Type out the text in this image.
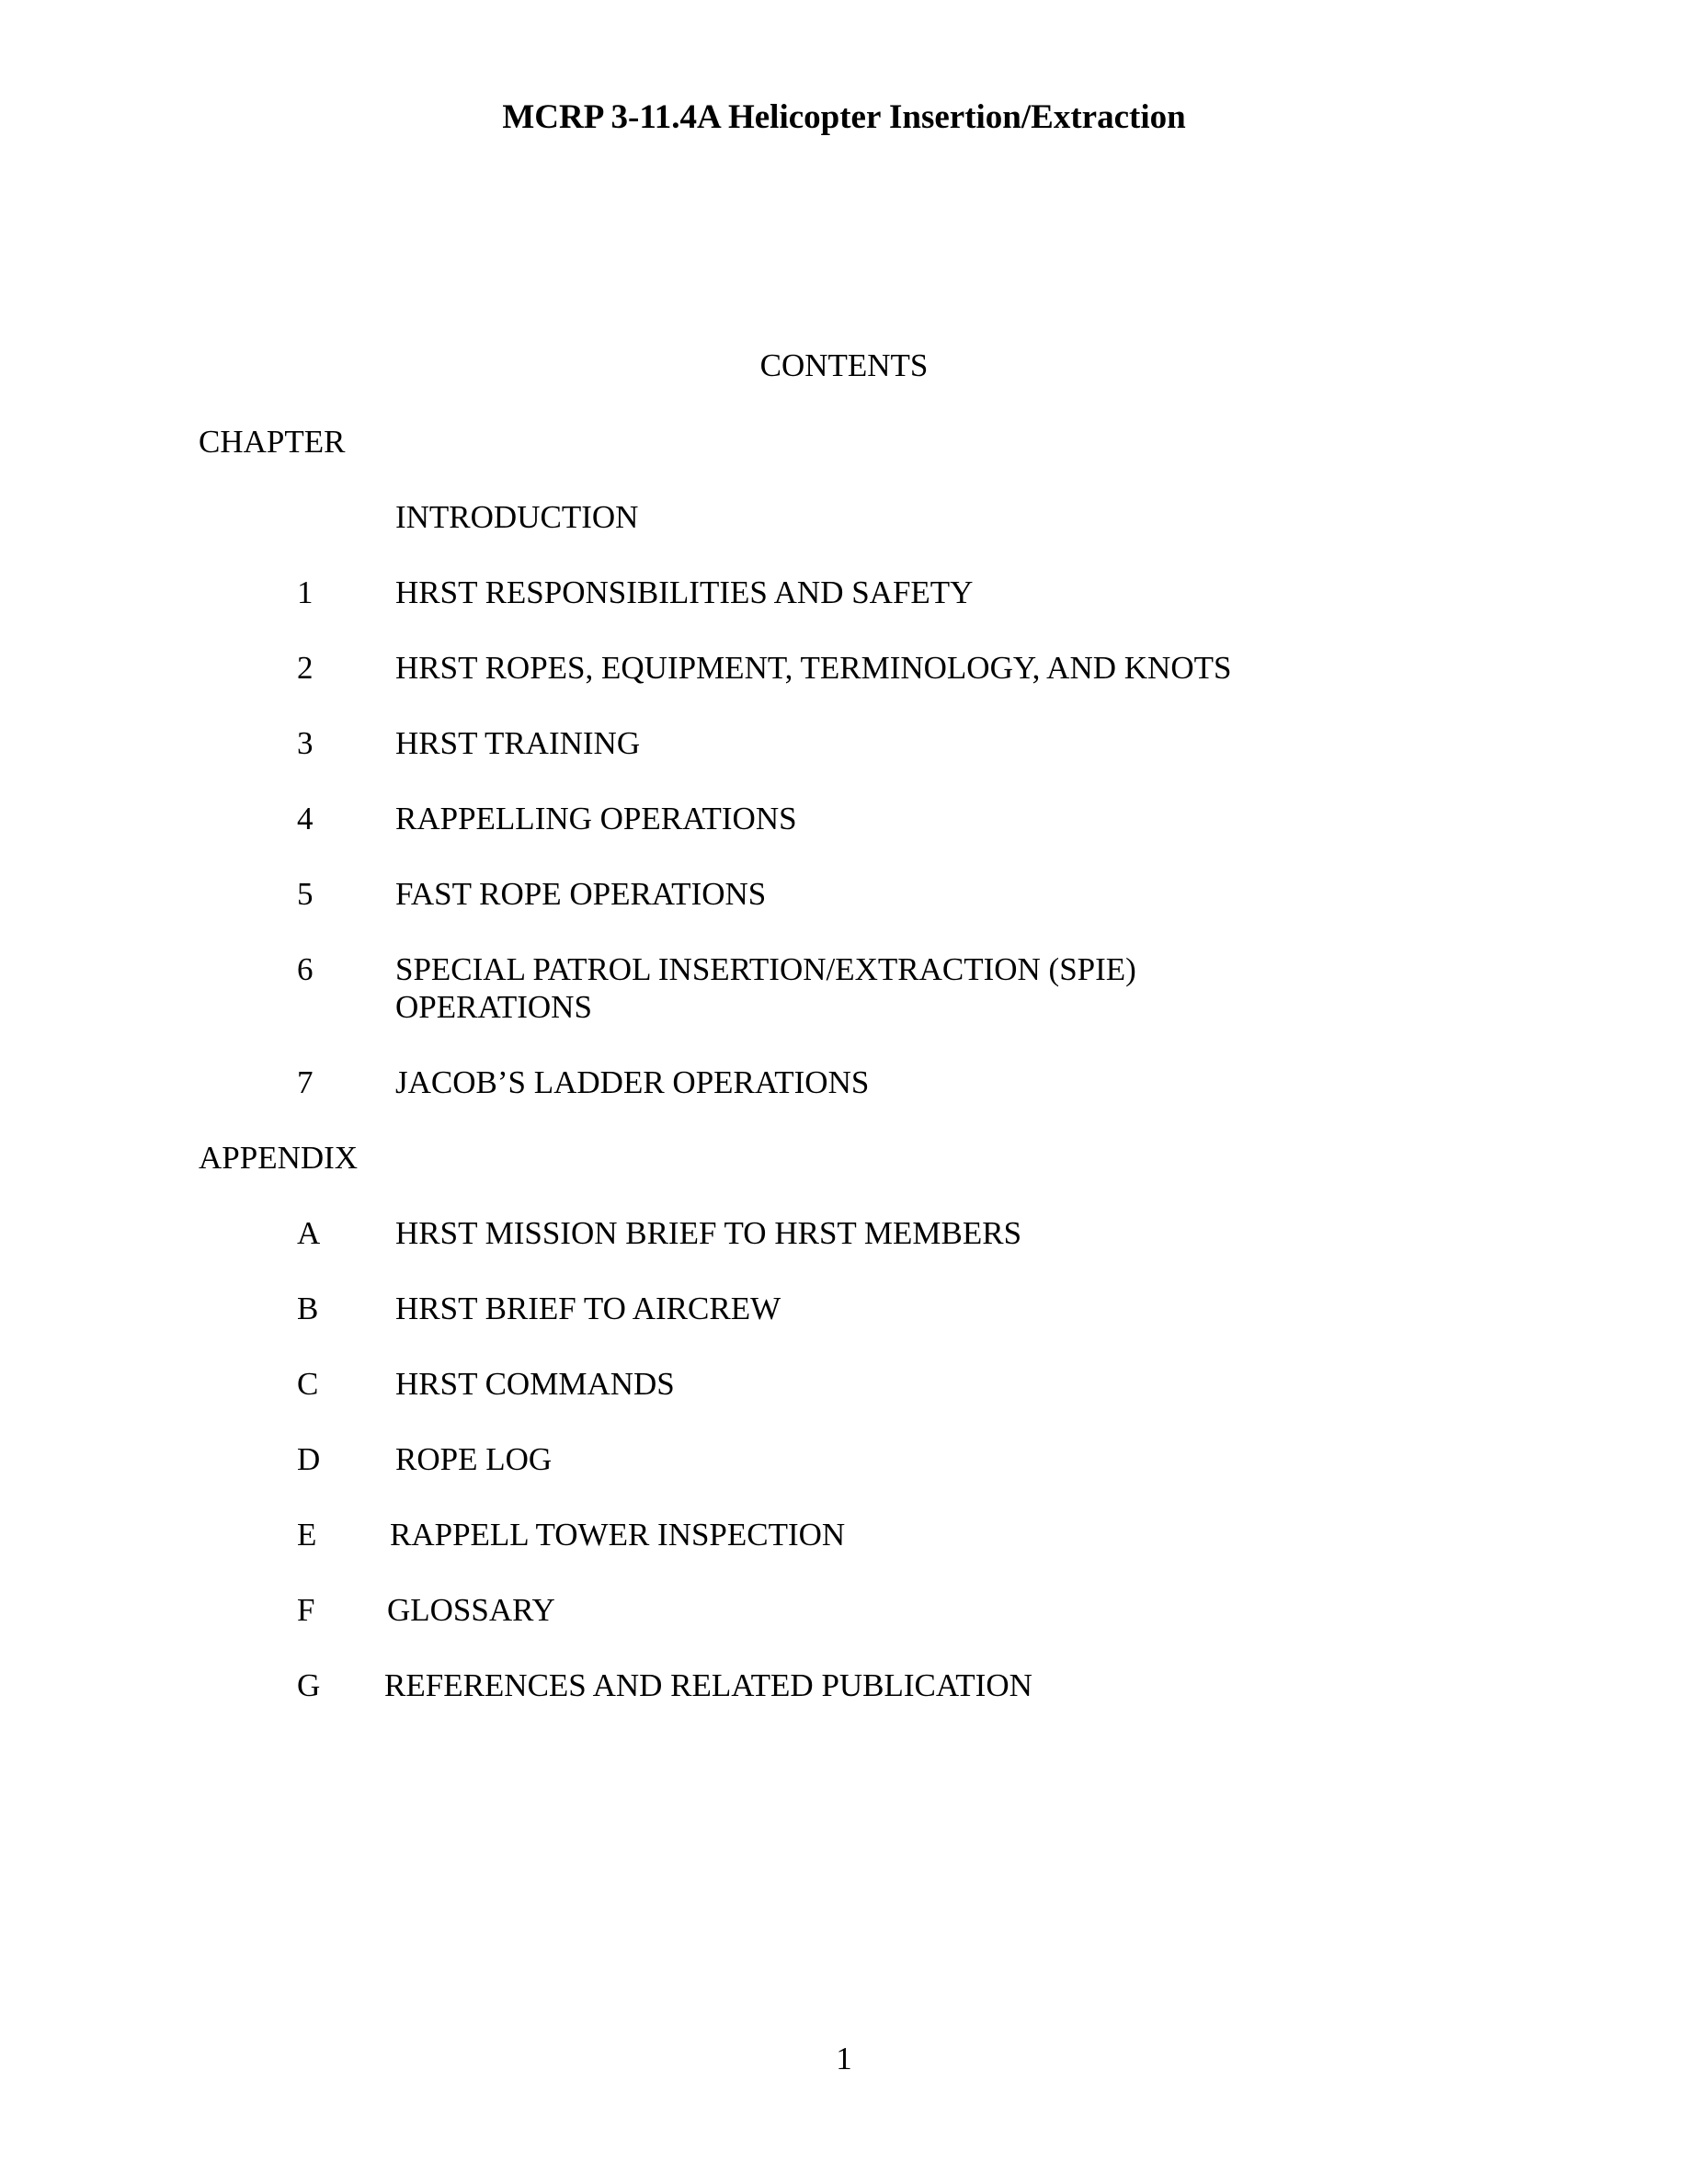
MCRP 3-11.4A Helicopter Insertion/Extraction
CONTENTS
CHAPTER
INTRODUCTION
1	HRST RESPONSIBILITIES AND SAFETY
2	HRST ROPES, EQUIPMENT, TERMINOLOGY, AND KNOTS
3	HRST TRAINING
4	RAPPELLING OPERATIONS
5	FAST ROPE OPERATIONS
6	SPECIAL PATROL INSERTION/EXTRACTION (SPIE)
OPERATIONS
7	JACOB’S LADDER OPERATIONS
APPENDIX
A HRST MISSION BRIEF TO HRST MEMBERS
B HRST BRIEF TO AIRCREW
C HRST COMMANDS
D ROPE LOG
E RAPPELL TOWER INSPECTION
F GLOSSARY
G REFERENCES AND RELATED PUBLICATION
1
